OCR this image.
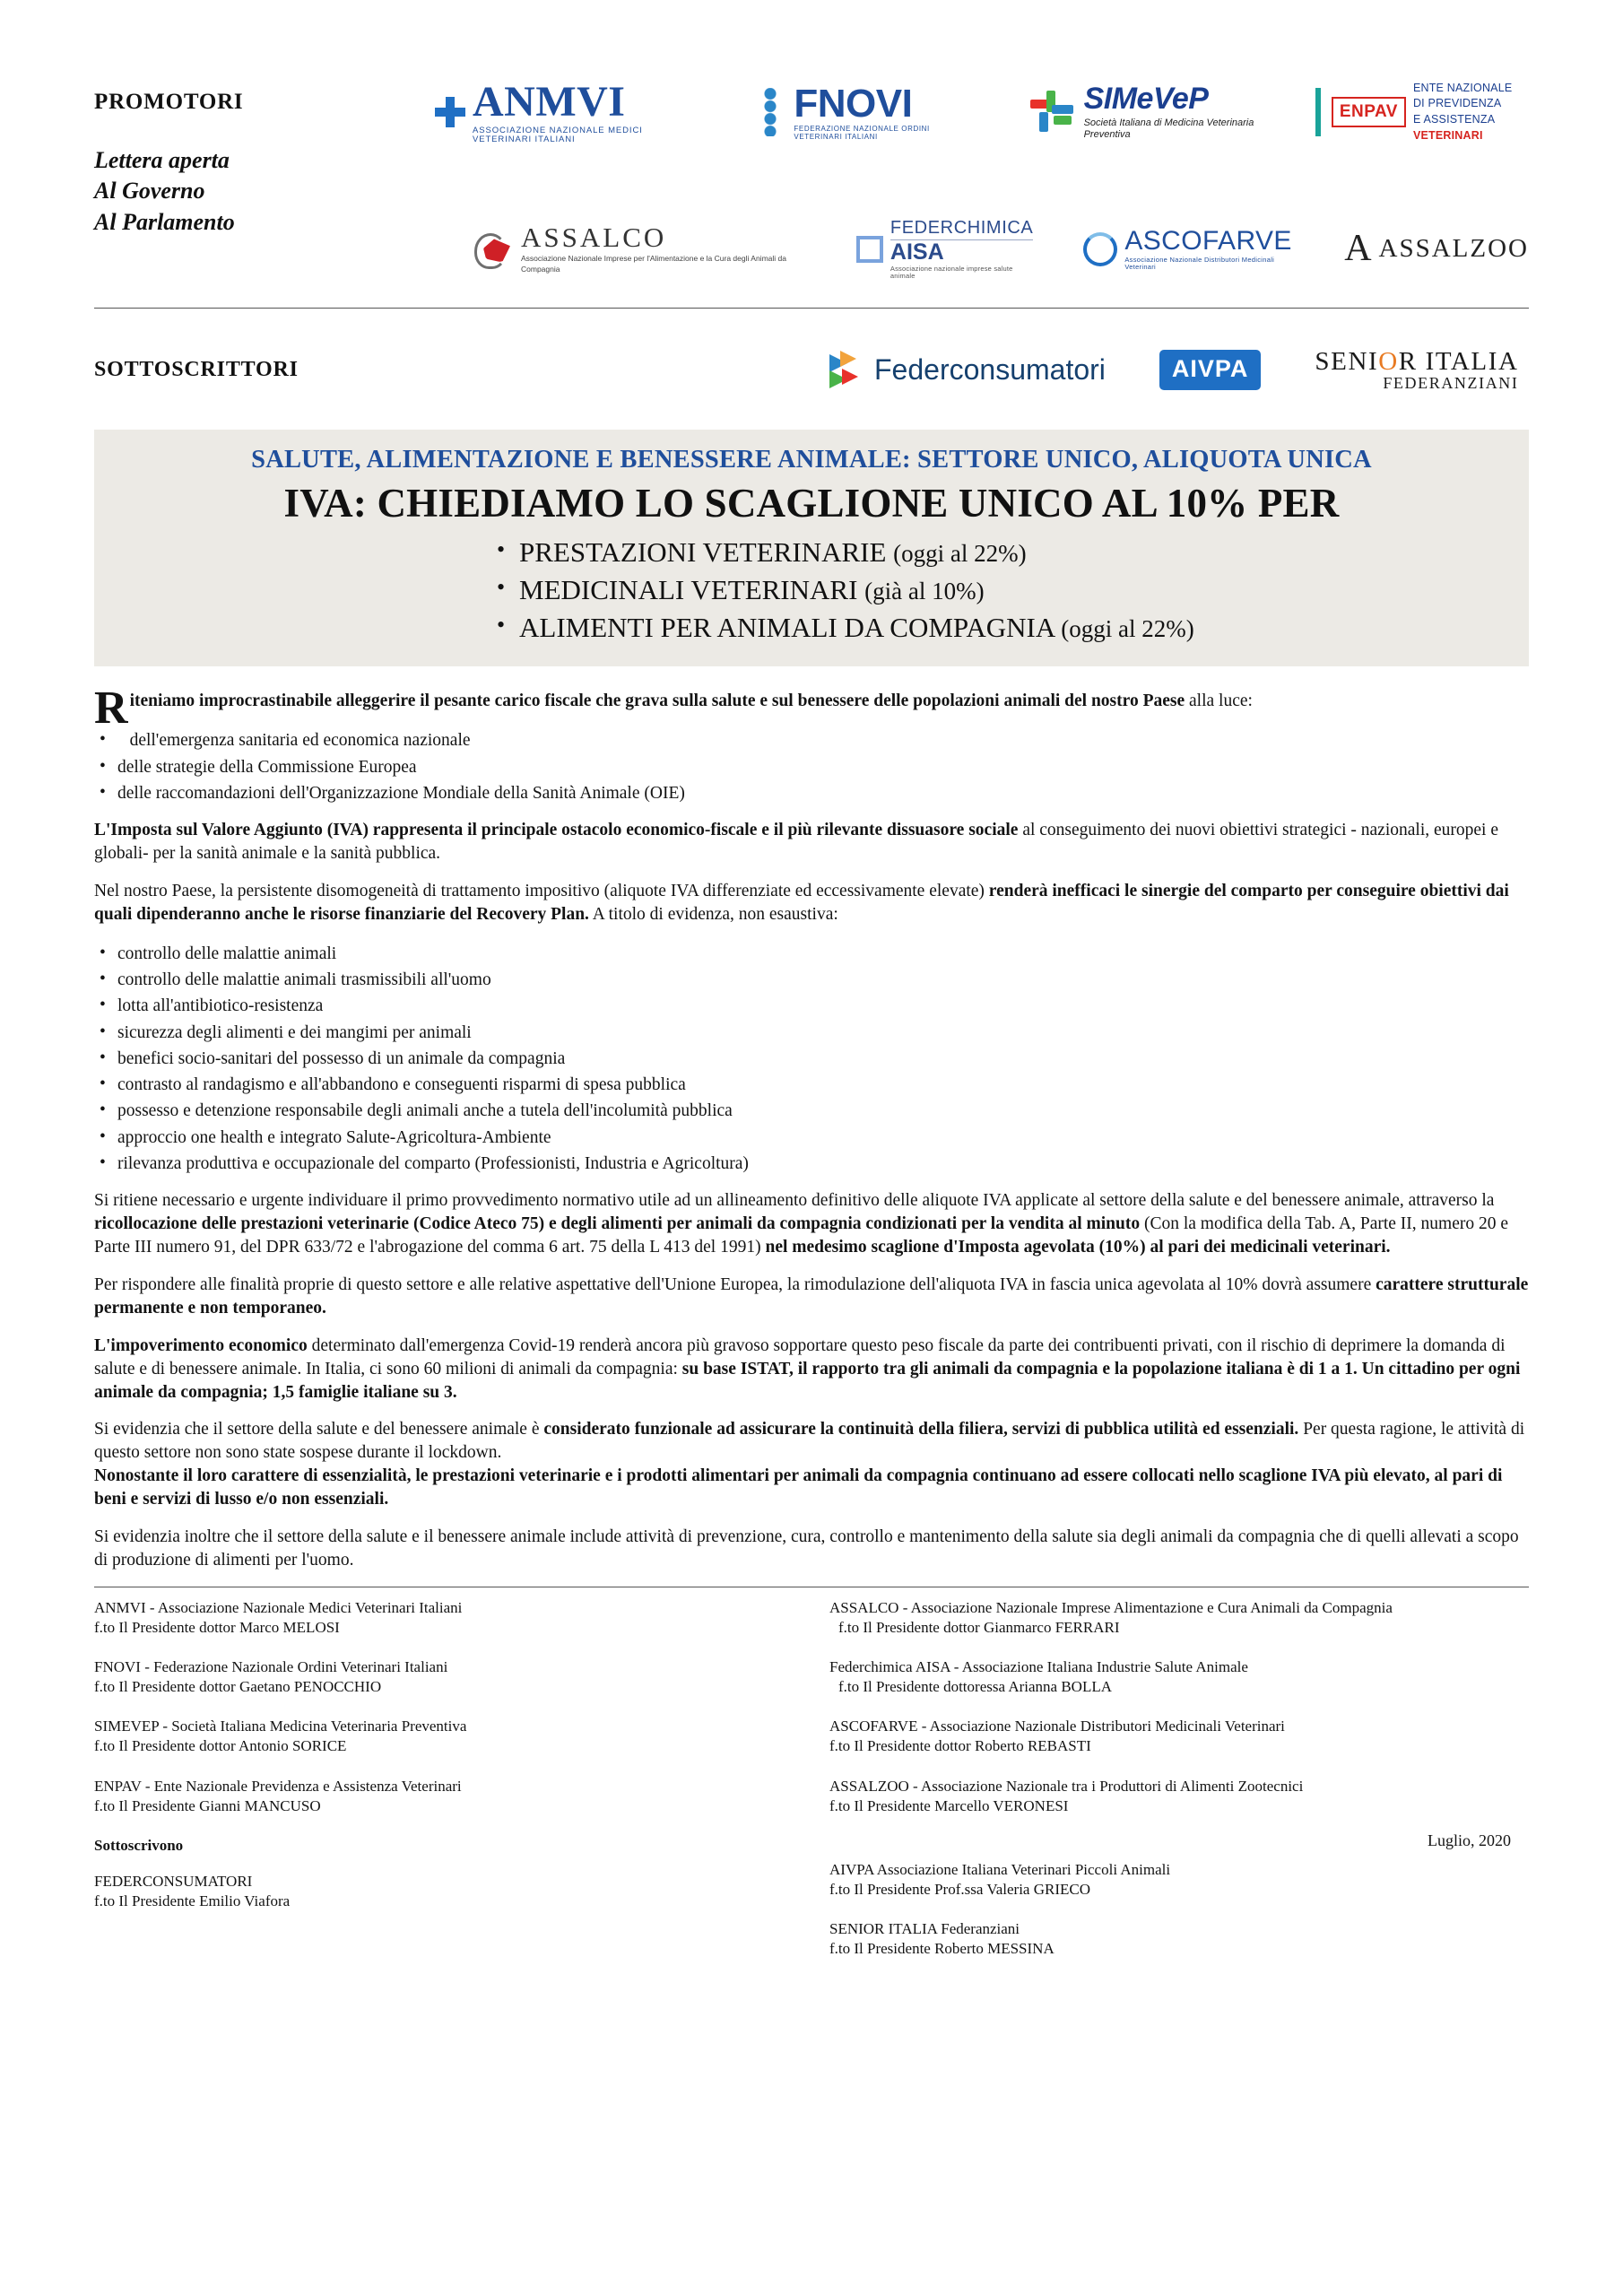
PROMOTORI
Lettera aperta
Al Governo
Al Parlamento
ANMVI
ASSOCIAZIONE NAZIONALE MEDICI VETERINARI ITALIANI
FNOVI
FEDERAZIONE NAZIONALE ORDINI VETERINARI ITALIANI
SIMeVeP
Società Italiana di Medicina Veterinaria Preventiva
ENPAV
ENTE NAZIONALE
DI PREVIDENZA
E ASSISTENZA VETERINARI
ASSALCO
Associazione Nazionale Imprese per l'Alimentazione e la Cura degli Animali da Compagnia
FEDERCHIMICA
AISA
Associazione nazionale imprese salute animale
ASCOFARVE
Associazione Nazionale Distributori Medicinali Veterinari	A ASSALZOO
SOTTOSCRITTORI	Federconsumatori	AIVPA	SENIOR ITALIA
FEDERANZIANI
SALUTE, ALIMENTAZIONE E BENESSERE ANIMALE: SETTORE UNICO, ALIQUOTA UNICA
IVA: CHIEDIAMO LO SCAGLIONE UNICO AL 10% PER
• PRESTAZIONI VETERINARIE (oggi al 22%)
• MEDICINALI VETERINARI (già al 10%)
• ALIMENTI PER ANIMALI DA COMPAGNIA (oggi al 22%)

Riteniamo improcrastinabile alleggerire il pesante carico fiscale che grava sulla salute e sul benessere delle popolazioni animali del nostro Paese alla luce:

• dell'emergenza sanitaria ed economica nazionale
• delle strategie della Commissione Europea
• delle raccomandazioni dell'Organizzazione Mondiale della Sanità Animale (OIE)

L'Imposta sul Valore Aggiunto (IVA) rappresenta il principale ostacolo economico-fiscale e il più rilevante dissuasore sociale al conseguimento dei nuovi obiettivi strategici - nazionali, europei e globali- per la sanità animale e la sanità pubblica.

Nel nostro Paese, la persistente disomogeneità di trattamento impositivo (aliquote IVA differenziate ed eccessivamente elevate) renderà inefficaci le sinergie del comparto per conseguire obiettivi dai quali dipenderanno anche le risorse finanziarie del Recovery Plan. A titolo di evidenza, non esaustiva:

• controllo delle malattie animali
• controllo delle malattie animali trasmissibili all'uomo
• lotta all'antibiotico-resistenza
• sicurezza degli alimenti e dei mangimi per animali
• benefici socio-sanitari del possesso di un animale da compagnia
• contrasto al randagismo e all'abbandono e conseguenti risparmi di spesa pubblica
• possesso e detenzione responsabile degli animali anche a tutela dell'incolumità pubblica
• approccio one health e integrato Salute-Agricoltura-Ambiente
• rilevanza produttiva e occupazionale del comparto (Professionisti, Industria e Agricoltura)

Si ritiene necessario e urgente individuare il primo provvedimento normativo utile ad un allineamento definitivo delle aliquote IVA applicate al settore della salute e del benessere animale, attraverso la ricollocazione delle prestazioni veterinarie (Codice Ateco 75) e degli alimenti per animali da compagnia condizionati per la vendita al minuto (Con la modifica della Tab. A, Parte II, numero 20 e Parte III numero 91, del DPR 633/72 e l'abrogazione del comma 6 art. 75 della L 413 del 1991) nel medesimo scaglione d'Imposta agevolata (10%) al pari dei medicinali veterinari.

Per rispondere alle finalità proprie di questo settore e alle relative aspettative dell'Unione Europea, la rimodulazione dell'aliquota IVA in fascia unica agevolata al 10% dovrà assumere carattere strutturale permanente e non temporaneo.

L'impoverimento economico determinato dall'emergenza Covid-19 renderà ancora più gravoso sopportare questo peso fiscale da parte dei contribuenti privati, con il rischio di deprimere la domanda di salute e di benessere animale. In Italia, ci sono 60 milioni di animali da compagnia: su base ISTAT, il rapporto tra gli animali da compagnia e la popolazione italiana è di 1 a 1. Un cittadino per ogni animale da compagnia; 1,5 famiglie italiane su 3.

Si evidenzia che il settore della salute e del benessere animale è considerato funzionale ad assicurare la continuità della filiera, servizi di pubblica utilità ed essenziali. Per questa ragione, le attività di questo settore non sono state sospese durante il lockdown.
Nonostante il loro carattere di essenzialità, le prestazioni veterinarie e i prodotti alimentari per animali da compagnia continuano ad essere collocati nello scaglione IVA più elevato, al pari di beni e servizi di lusso e/o non essenziali.

Si evidenzia inoltre che il settore della salute e il benessere animale include attività di prevenzione, cura, controllo e mantenimento della salute sia degli animali da compagnia che di quelli allevati a scopo di produzione di alimenti per l'uomo.

ANMVI - Associazione Nazionale Medici Veterinari Italiani
f.to Il Presidente dottor Marco MELOSI
FNOVI - Federazione Nazionale Ordini Veterinari Italiani
f.to Il Presidente dottor Gaetano PENOCCHIO
SIMEVEP - Società Italiana Medicina Veterinaria Preventiva
f.to Il Presidente dottor Antonio SORICE
ENPAV - Ente Nazionale Previdenza e Assistenza Veterinari
f.to Il Presidente Gianni MANCUSO
Sottoscrivono
FEDERCONSUMATORI
f.to Il Presidente Emilio Viafora
ASSALCO - Associazione Nazionale Imprese Alimentazione e Cura Animali da Compagnia
f.to Il Presidente dottor Gianmarco FERRARI
Federchimica AISA - Associazione Italiana Industrie Salute Animale
f.to Il Presidente dottoressa Arianna BOLLA
ASCOFARVE - Associazione Nazionale Distributori Medicinali Veterinari
f.to Il Presidente dottor Roberto REBASTI
ASSALZOO - Associazione Nazionale tra i Produttori di Alimenti Zootecnici
f.to Il Presidente Marcello VERONESI
Luglio, 2020
AIVPA Associazione Italiana Veterinari Piccoli Animali
f.to Il Presidente Prof.ssa Valeria GRIECO
SENIOR ITALIA Federanziani
f.to Il Presidente Roberto MESSINA
